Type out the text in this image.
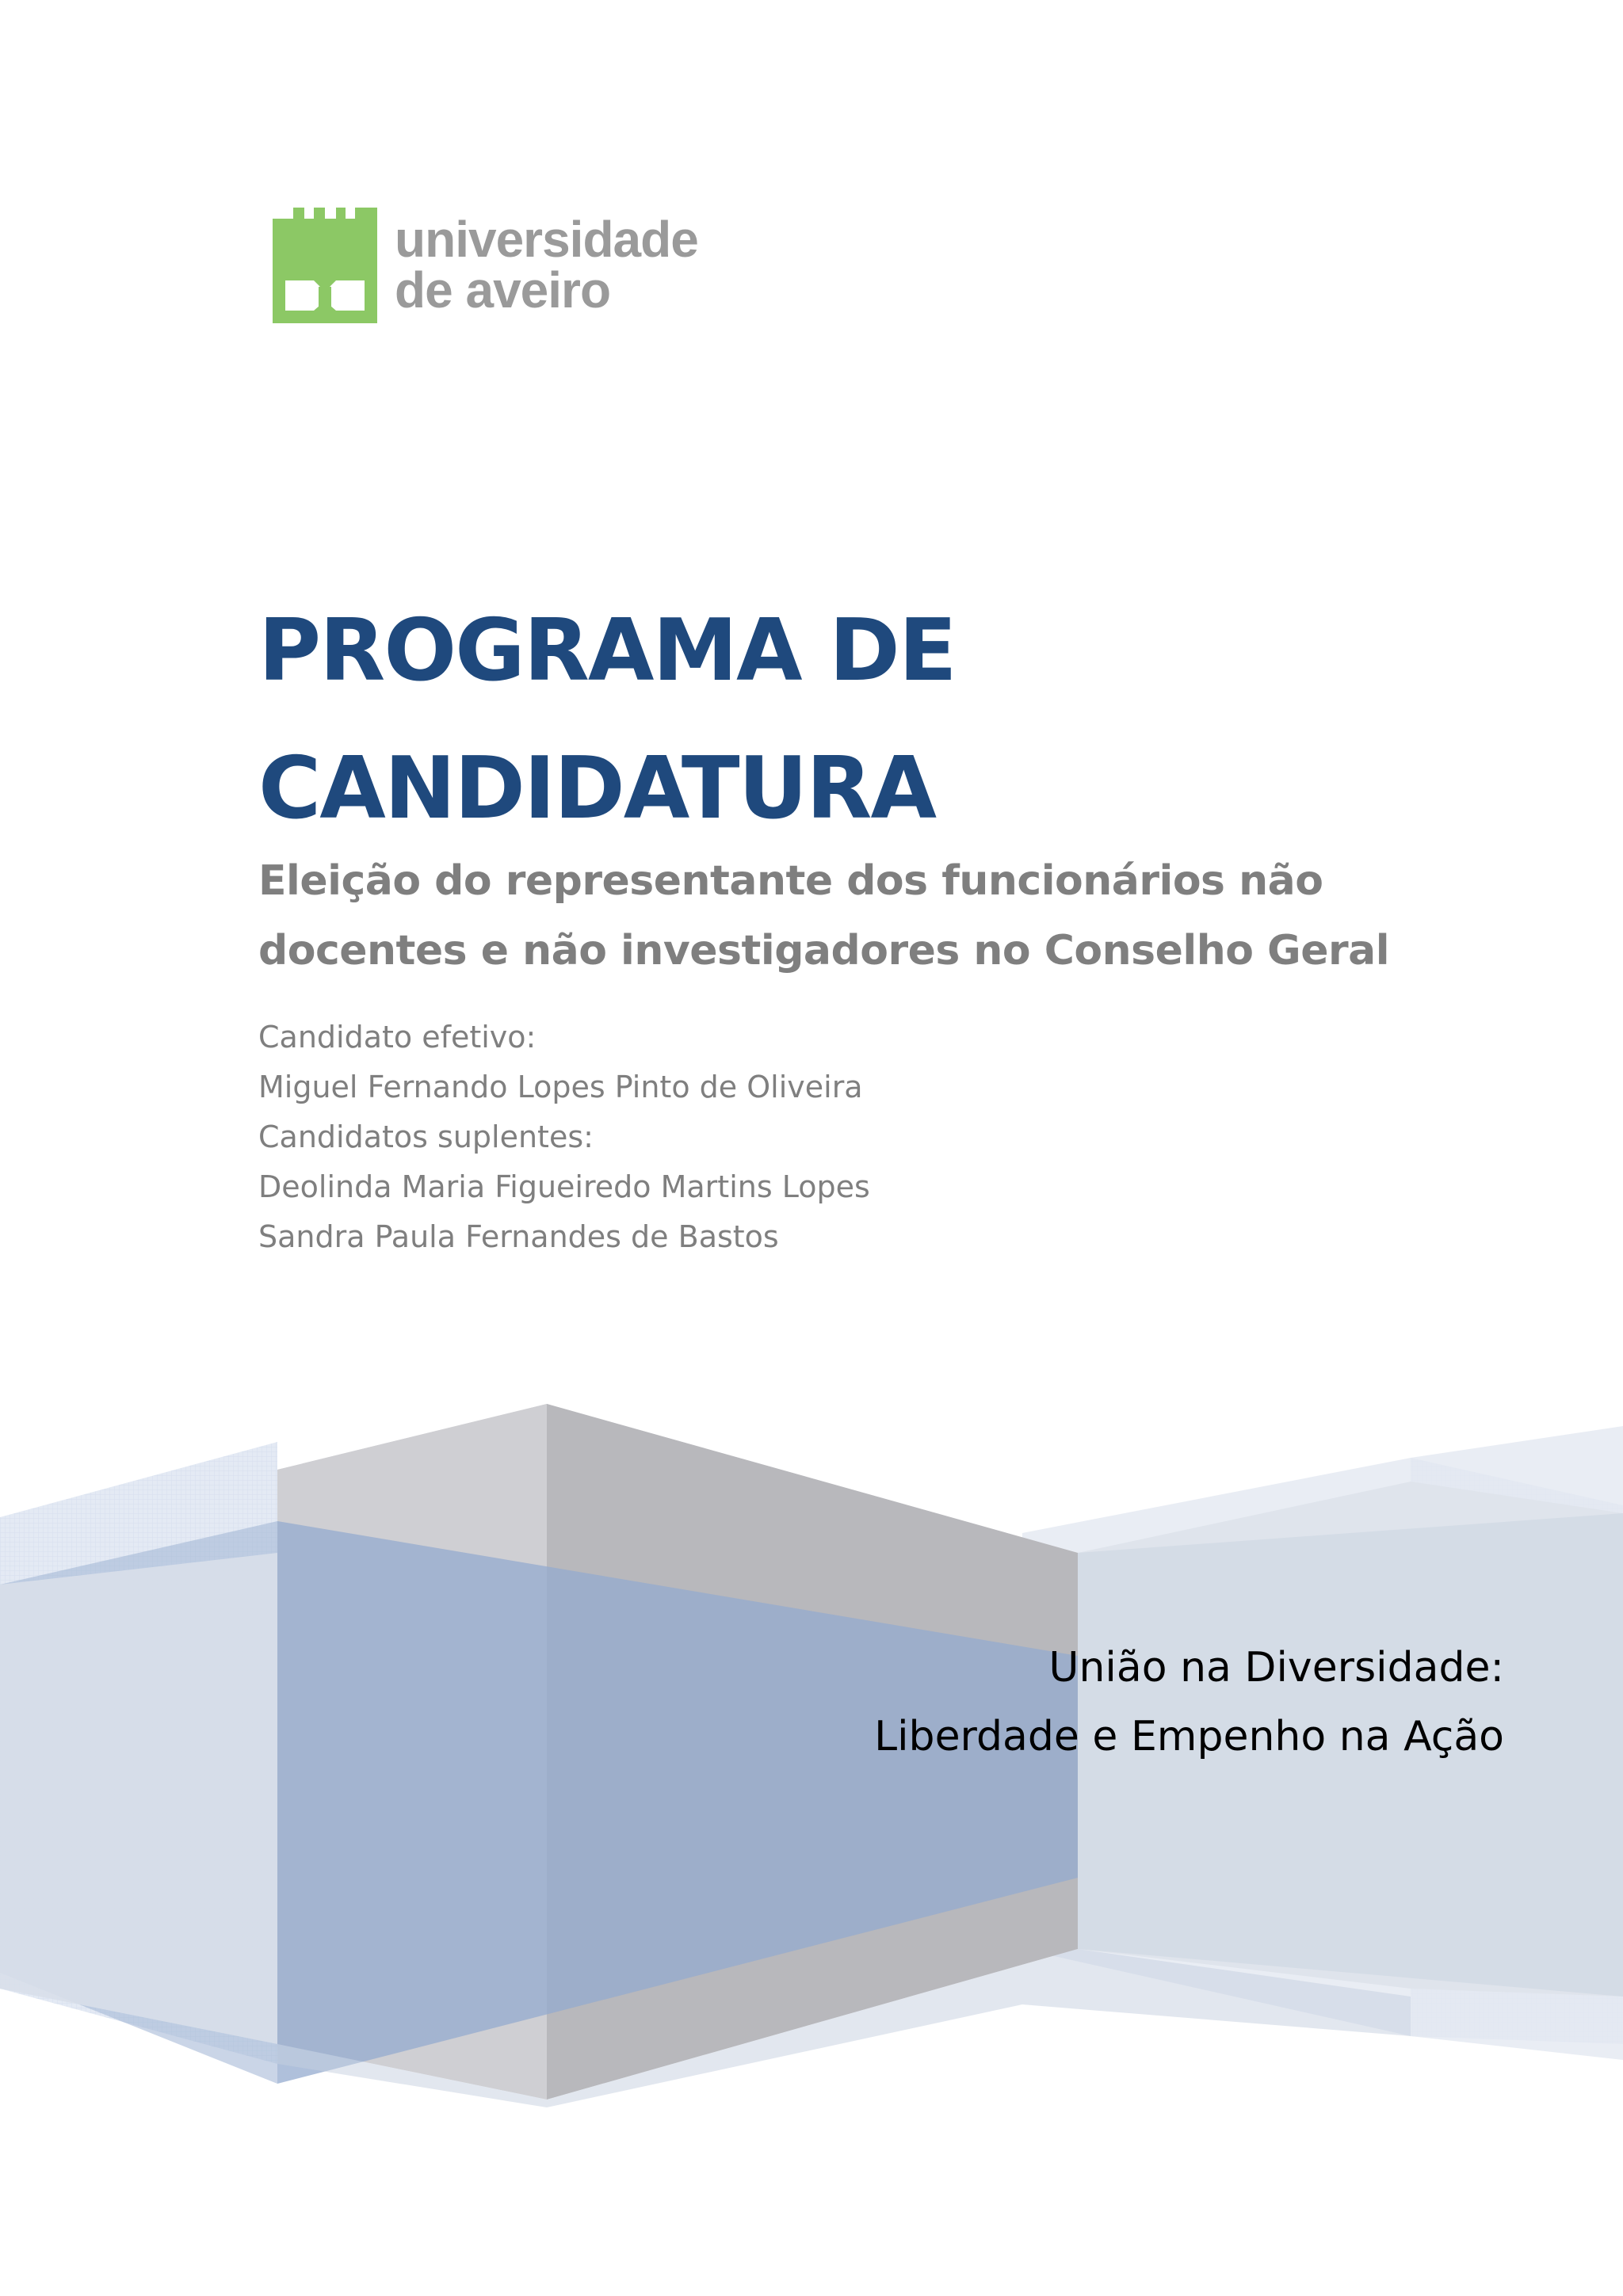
universidade
de aveiro
PROGRAMA DE
CANDIDATURA
Eleição do representante dos funcionários não
docentes e não investigadores no Conselho Geral
Candidato efetivo:
Miguel Fernando Lopes Pinto de Oliveira
Candidatos suplentes:
Deolinda Maria Figueiredo Martins Lopes
Sandra Paula Fernandes de Bastos
União na Diversidade:
Liberdade e Empenho na Ação
